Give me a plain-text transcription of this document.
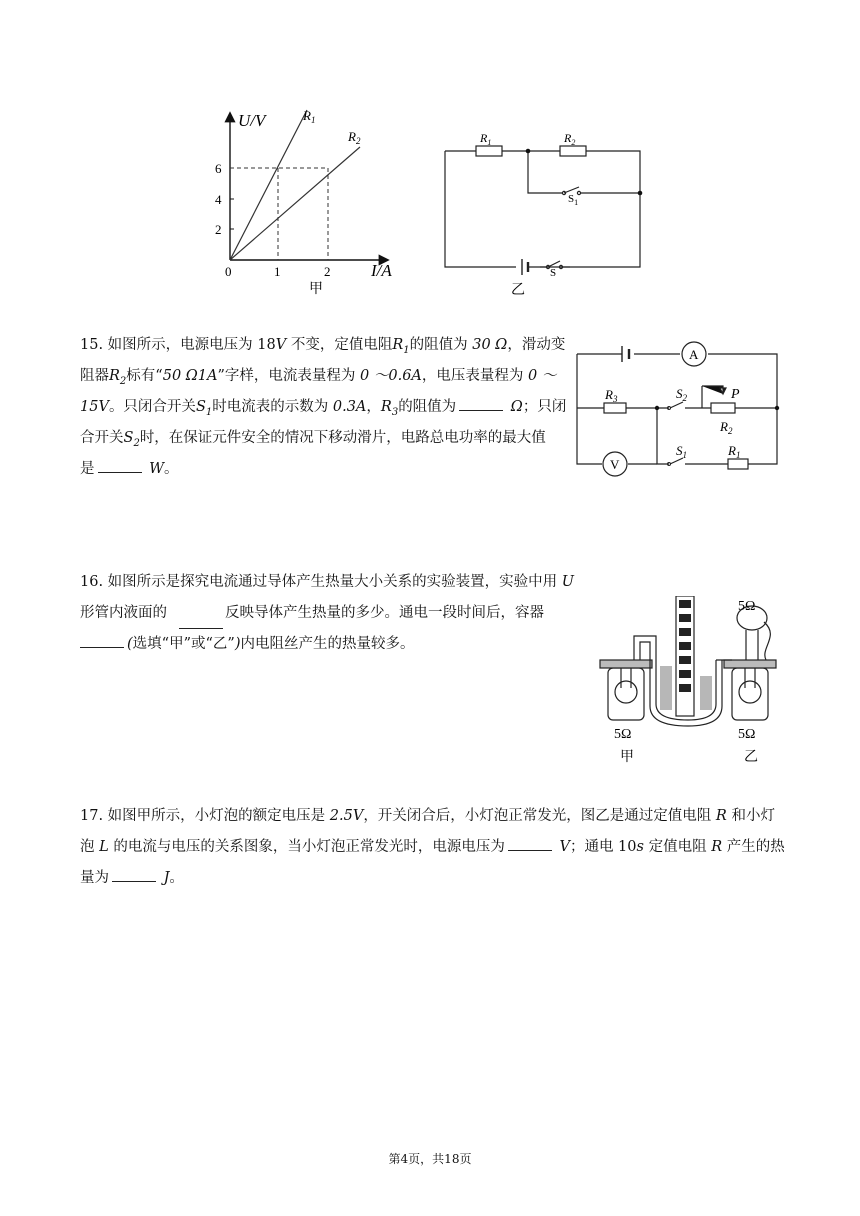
U/V
I/A
6
4
2
0	1	2
$R_1$
$R_2$
甲
$R_1$	$R_2$
$S_1$
S
乙
15. 如图所示，电源电压为 18V 不变，定值电阻$R_1$的阻值为 30 Ω，滑动变
阻器$R_2$标有“50 Ω1A”字样，电流表量程为 0 ～0.6A，电压表量程为 0 ～
15V。只闭合开关$S_1$时电流表的示数为 0.3A，$R_3$的阻值为	Ω；只闭
合开关$S_2$时，在保证元件安全的情况下移动滑片，电路总电功率的最大值
是	W。
A
V
$R_3$	$S_2$	P
$R_2$
$S_1$	$R_1$
16. 如图所示是探究电流通过导体产生热量大小关系的实验装置，实验中用 U
形管内液面的
(选填“甲”或“乙”)内电阻丝产生的热量较多。
反映导体产生热量的多少。通电一段时间后，容器	5Ω
5Ω	5Ω
甲	乙
17. 如图甲所示，小灯泡的额定电压是 2.5V，开关闭合后，小灯泡正常发光，图乙是通过定值电阻 R 和小灯
泡 L 的电流与电压的关系图象，当小灯泡正常发光时，电源电压为	V；通电 10s 定值电阻 R 产生的热
量为	J。
第4页，共18页
